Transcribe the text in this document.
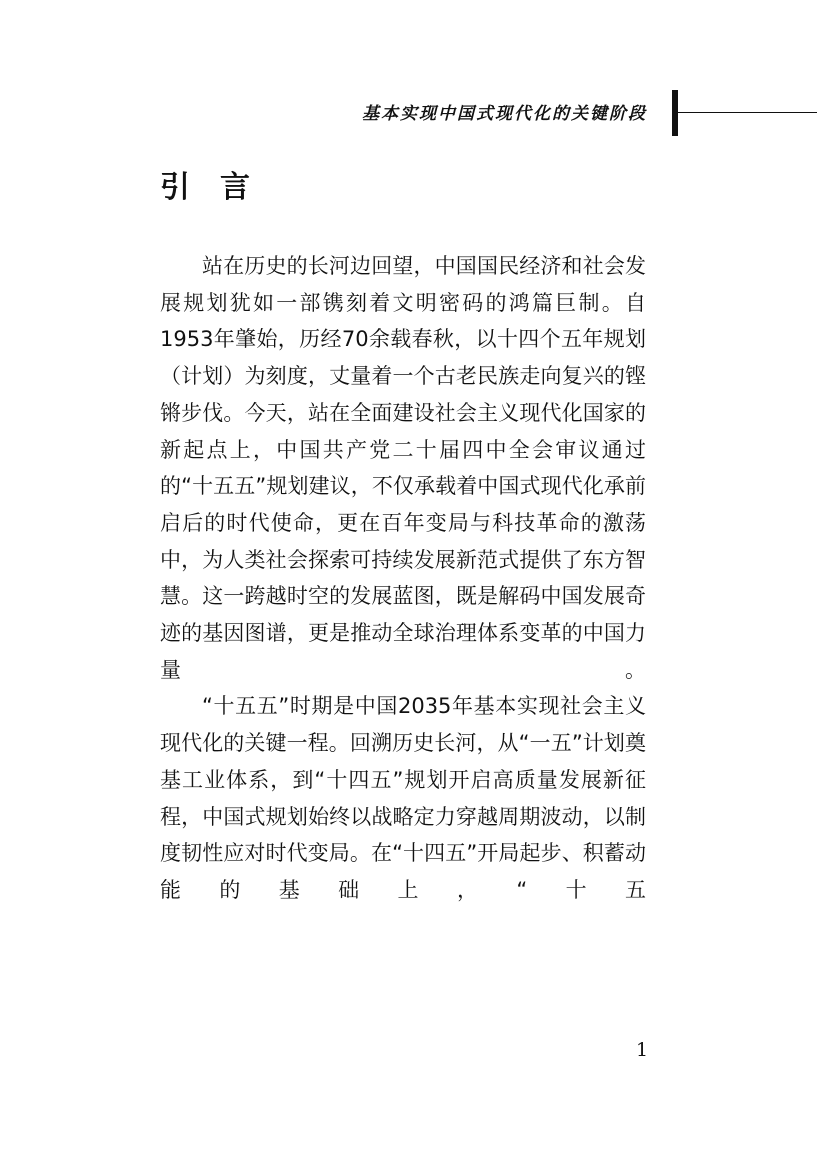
基本实现中国式现代化的关键阶段
引言

站在历史的长河边回望，中国国民经济和社会发展规划犹如一部镌刻着文明密码的鸿篇巨制。自1953年肇始，历经70余载春秋，以十四个五年规划（计划）为刻度，丈量着一个古老民族走向复兴的铿锵步伐。今天，站在全面建设社会主义现代化国家的新起点上，中国共产党二十届四中全会审议通过的“十五五”规划建议，不仅承载着中国式现代化承前启后的时代使命，更在百年变局与科技革命的激荡中，为人类社会探索可持续发展新范式提供了东方智慧。这一跨越时空的发展蓝图，既是解码中国发展奇迹的基因图谱，更是推动全球治理体系变革的中国力量。

“十五五”时期是中国2035年基本实现社会主义现代化的关键一程。回溯历史长河，从“一五”计划奠基工业体系，到“十四五”规划开启高质量发展新征程，中国式规划始终以战略定力穿越周期波动，以制度韧性应对时代变局。在“十四五”开局起步、积蓄动能的基础上，“十五

1
